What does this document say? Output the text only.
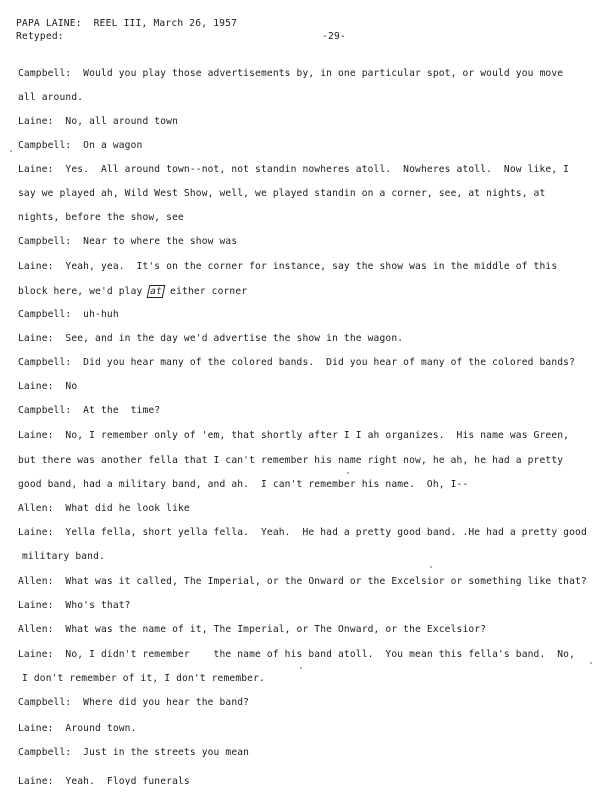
PAPA LAINE:  REEL III, March 26, 1957
Retyped:	-29-
Campbell:  Would you play those advertisements by, in one particular spot, or would you move
all around.
Laine:  No, all around town
Campbell:  On a wagon
Laine:  Yes.  All around town--not, not standin nowheres atoll.  Nowheres atoll.  Now like, I
say we played ah, Wild West Show, well, we played standin on a corner, see, at nights, at
nights, before the show, see
Campbell:  Near to where the show was
Laine:  Yeah, yea.  It's on the corner for instance, say the show was in the middle of this
block here, we'd play at either corner
Campbell:  uh-huh
Laine:  See, and in the day we'd advertise the show in the wagon.
Campbell:  Did you hear many of the colored bands.  Did you hear of many of the colored bands?
Laine:  No
Campbell:  At the  time?
Laine:  No, I remember only of 'em, that shortly after I I ah organizes.  His name was Green,
but there was another fella that I can't remember his name right now, he ah, he had a pretty
good band, had a military band, and ah.  I can't remember his name.  Oh, I--
Allen:  What did he look like
Laine:  Yella fella, short yella fella.  Yeah.  He had a pretty good band. .He had a pretty good
military band.
Allen:  What was it called, The Imperial, or the Onward or the Excelsior or something like that?
Laine:  Who's that?
Allen:  What was the name of it, The Imperial, or The Onward, or the Excelsior?
Laine:  No, I didn't remember    the name of his band atoll.  You mean this fella's band.  No,
I don't remember of it, I don't remember.
Campbell:  Where did you hear the band?
Laine:  Around town.
Campbell:  Just in the streets you mean
Laine:  Yeah.  Floyd funerals
